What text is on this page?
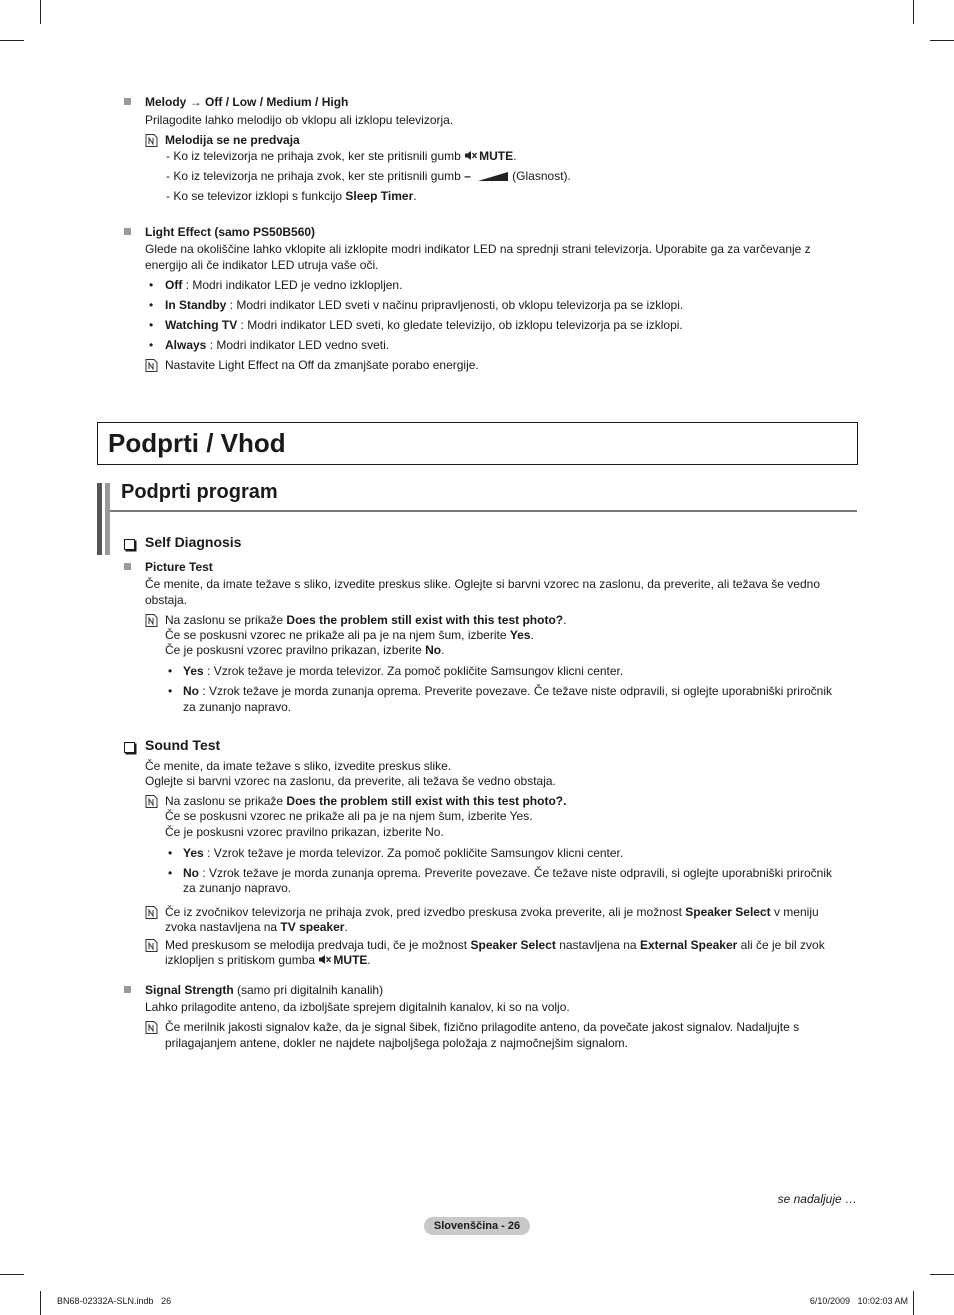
Melody → Off / Low / Medium / High
Prilagodite lahko melodijo ob vklopu ali izklopu televizorja.
Melodija se ne predvaja
- Ko iz televizorja ne prihaja zvok, ker ste pritisnili gumb MUTE.
- Ko iz televizorja ne prihaja zvok, ker ste pritisnili gumb –	(Glasnost).
- Ko se televizor izklopi s funkcijo Sleep Timer.
Light Effect (samo PS50B560)
Glede na okoliščine lahko vklopite ali izklopite modri indikator LED na sprednji strani televizorja. Uporabite ga za varčevanje z
energijo ali če indikator LED utruja vaše oči.
• Off : Modri indikator LED je vedno izklopljen.
• In Standby : Modri indikator LED sveti v načinu pripravljenosti, ob vklopu televizorja pa se izklopi.
• Watching TV : Modri indikator LED sveti, ko gledate televizijo, ob izklopu televizorja pa se izklopi.
• Always : Modri indikator LED vedno sveti.
Nastavite Light Effect na Off da zmanjšate porabo energije.
Podprti / Vhod
Podprti program
Self Diagnosis
Picture Test
Če menite, da imate težave s sliko, izvedite preskus slike. Oglejte si barvni vzorec na zaslonu, da preverite, ali težava še vedno
obstaja.
Na zaslonu se prikaže Does the problem still exist with this test photo?.
Če se poskusni vzorec ne prikaže ali pa je na njem šum, izberite Yes.
Če je poskusni vzorec pravilno prikazan, izberite No.
• Yes : Vzrok težave je morda televizor. Za pomoč pokličite Samsungov klicni center.
• No : Vzrok težave je morda zunanja oprema. Preverite povezave. Če težave niste odpravili, si oglejte uporabniški priročnik
za zunanjo napravo.
Sound Test
Če menite, da imate težave s sliko, izvedite preskus slike.
Oglejte si barvni vzorec na zaslonu, da preverite, ali težava še vedno obstaja.
Na zaslonu se prikaže Does the problem still exist with this test photo?.
Če se poskusni vzorec ne prikaže ali pa je na njem šum, izberite Yes.
Če je poskusni vzorec pravilno prikazan, izberite No.
• Yes : Vzrok težave je morda televizor. Za pomoč pokličite Samsungov klicni center.
• No : Vzrok težave je morda zunanja oprema. Preverite povezave. Če težave niste odpravili, si oglejte uporabniški priročnik
za zunanjo napravo.
Če iz zvočnikov televizorja ne prihaja zvok, pred izvedbo preskusa zvoka preverite, ali je možnost Speaker Select v meniju
zvoka nastavljena na TV speaker.
Med preskusom se melodija predvaja tudi, če je možnost Speaker Select nastavljena na External Speaker ali če je bil zvok
izklopljen s pritiskom gumba MUTE.
Signal Strength (samo pri digitalnih kanalih)
Lahko prilagodite anteno, da izboljšate sprejem digitalnih kanalov, ki so na voljo.
Če merilnik jakosti signalov kaže, da je signal šibek, fizično prilagodite anteno, da povečate jakost signalov. Nadaljujte s
prilagajanjem antene, dokler ne najdete najboljšega položaja z najmočnejšim signalom.
se nadaljuje …
Slovenščina - 26
BN68-02332A-SLN.indb   26	6/10/2009   10:02:03 AM
